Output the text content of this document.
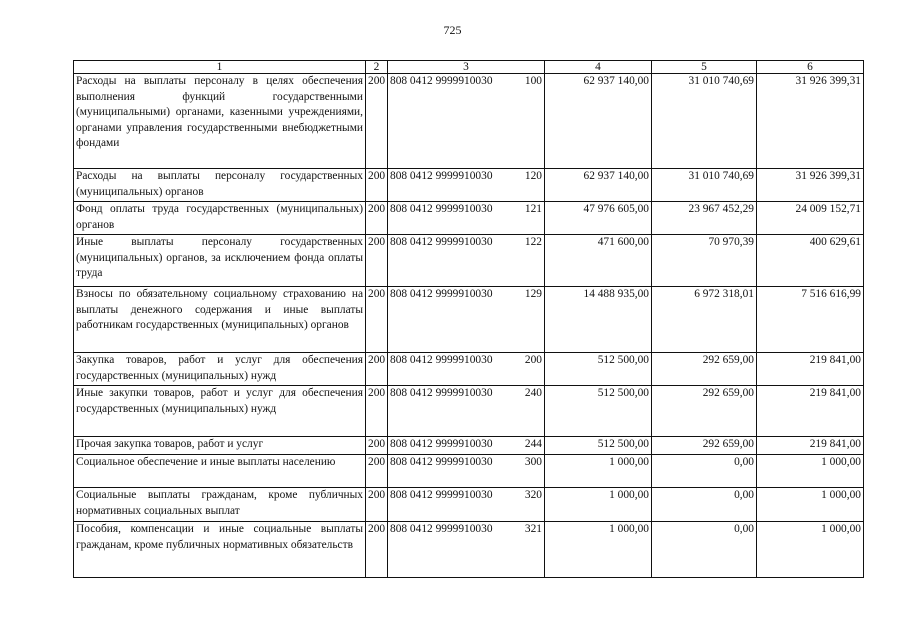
725
1	2	3	4	5	6
Расходы на выплаты персоналу в целях обеспечения выполнения функций государственными (муниципальными) органами, казенными учреждениями, органами управления государственными внебюджетными фондами	200	808 0412 9999910030 100	62 937 140,00	31 010 740,69	31 926 399,31
Расходы на выплаты персоналу государственных (муниципальных) органов	200	808 0412 9999910030 120	62 937 140,00	31 010 740,69	31 926 399,31
Фонд оплаты труда государственных (муниципальных) органов	200	808 0412 9999910030 121	47 976 605,00	23 967 452,29	24 009 152,71
Иные выплаты персоналу государственных (муниципальных) органов, за исключением фонда оплаты труда	200	808 0412 9999910030 122	471 600,00	70 970,39	400 629,61
Взносы по обязательному социальному страхованию на выплаты денежного содержания и иные выплаты работникам государственных (муниципальных) органов	200	808 0412 9999910030 129	14 488 935,00	6 972 318,01	7 516 616,99
Закупка товаров, работ и услуг для обеспечения государственных (муниципальных) нужд	200	808 0412 9999910030 200	512 500,00	292 659,00	219 841,00
Иные закупки товаров, работ и услуг для обеспечения государственных (муниципальных) нужд	200	808 0412 9999910030 240	512 500,00	292 659,00	219 841,00
Прочая закупка товаров, работ и услуг	200	808 0412 9999910030 244	512 500,00	292 659,00	219 841,00
Социальное обеспечение и иные выплаты населению	200	808 0412 9999910030 300	1 000,00	0,00	1 000,00
Социальные выплаты гражданам, кроме публичных нормативных социальных выплат	200	808 0412 9999910030 320	1 000,00	0,00	1 000,00
Пособия, компенсации и иные социальные выплаты гражданам, кроме публичных нормативных обязательств	200	808 0412 9999910030 321	1 000,00	0,00	1 000,00
